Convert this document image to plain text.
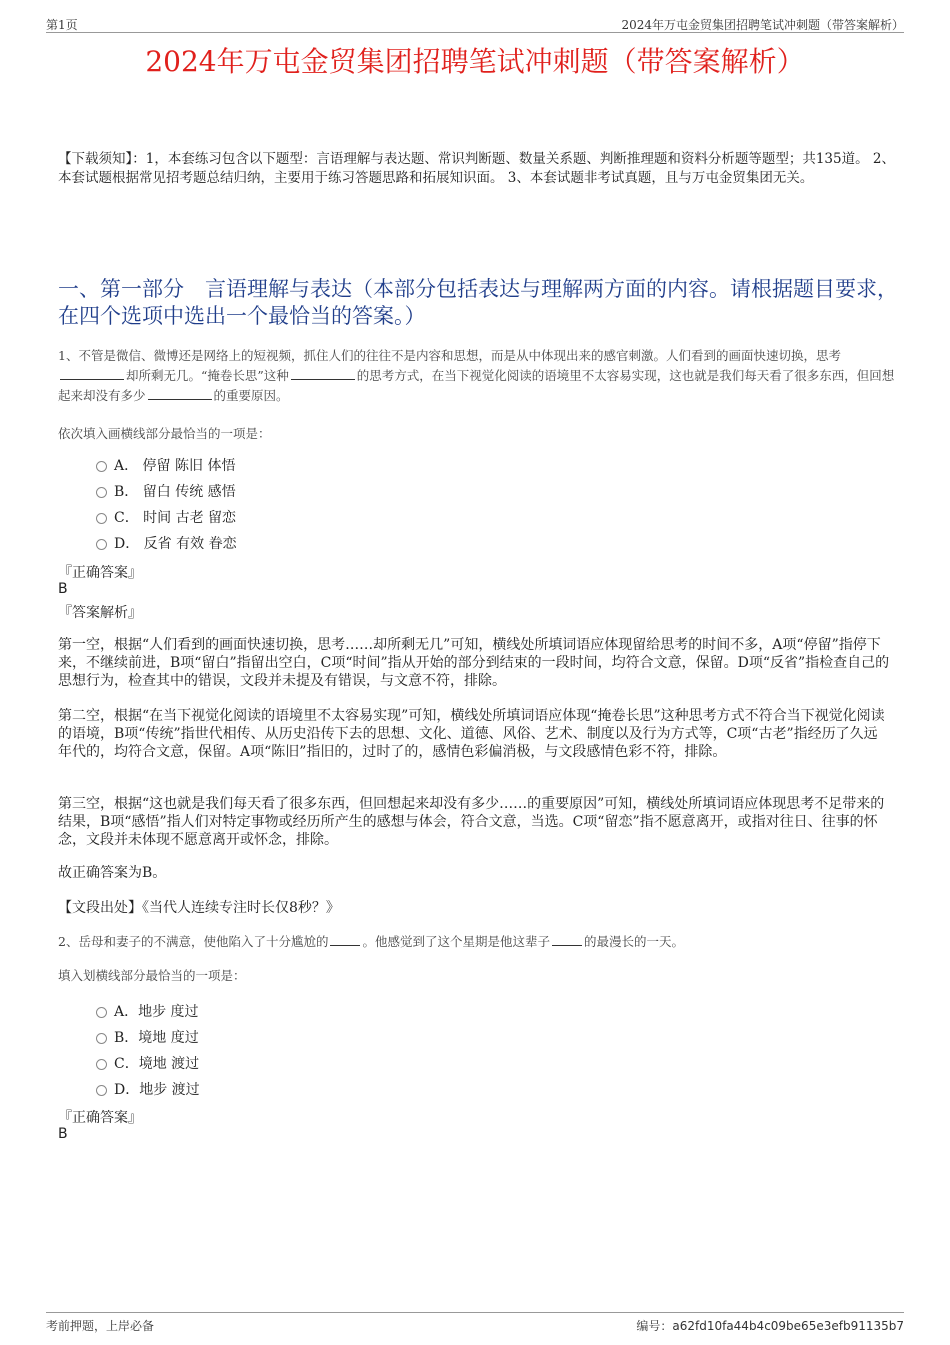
第1页	2024年万屯金贸集团招聘笔试冲刺题（带答案解析）
2024年万屯金贸集团招聘笔试冲刺题（带答案解析）
【下载须知】：1，本套练习包含以下题型：言语理解与表达题、常识判断题、数量关系题、判断推理题和资料分析题等题型；共135道。 2、本套试题根据常见招考题总结归纳，主要用于练习答题思路和拓展知识面。 3、本套试题非考试真题，且与万屯金贸集团无关。
一、第一部分　言语理解与表达（本部分包括表达与理解两方面的内容。请根据题目要求，在四个选项中选出一个最恰当的答案。）
1、不管是微信、微博还是网络上的短视频，抓住人们的往往不是内容和思想，而是从中体现出来的感官刺激。人们看到的画面快速切换，思考却所剩无几。“掩卷长思”这种	的思考方式，在当下视觉化阅读的语境里不太容易实现，这也就是我们每天看了很多东西，但回想起来却没有多少	的重要原因。
依次填入画横线部分最恰当的一项是：
A． 停留 陈旧 体悟
B． 留白 传统 感悟
C． 时间 古老 留恋
D． 反省 有效 眷恋
『正确答案』
B
『答案解析』
第一空，根据“人们看到的画面快速切换，思考……却所剩无几”可知，横线处所填词语应体现留给思考的时间不多，A项“停留”指停下来，不继续前进，B项“留白”指留出空白，C项“时间”指从开始的部分到结束的一段时间，均符合文意，保留。D项“反省”指检查自己的思想行为，检查其中的错误，文段并未提及有错误，与文意不符，排除。
第二空，根据“在当下视觉化阅读的语境里不太容易实现”可知，横线处所填词语应体现“掩卷长思”这种思考方式不符合当下视觉化阅读的语境，B项“传统”指世代相传、从历史沿传下去的思想、文化、道德、风俗、艺术、制度以及行为方式等，C项“古老”指经历了久远年代的，均符合文意，保留。A项“陈旧”指旧的，过时了的，感情色彩偏消极，与文段感情色彩不符，排除。
第三空，根据“这也就是我们每天看了很多东西，但回想起来却没有多少……的重要原因”可知，横线处所填词语应体现思考不足带来的结果，B项“感悟”指人们对特定事物或经历所产生的感想与体会，符合文意，当选。C项“留恋”指不愿意离开，或指对往日、往事的怀念，文段并未体现不愿意离开或怀念，排除。
故正确答案为B。
【文段出处】《当代人连续专注时长仅8秒？》
2、岳母和妻子的不满意，使他陷入了十分尴尬的	。他感觉到了这个星期是他这辈子	的最漫长的一天。
填入划横线部分最恰当的一项是：
A．地步 度过
B．境地 度过
C．境地 渡过
D．地步 渡过
『正确答案』
B
考前押题，上岸必备	编号：a62fd10fa44b4c09be65e3efb91135b7
